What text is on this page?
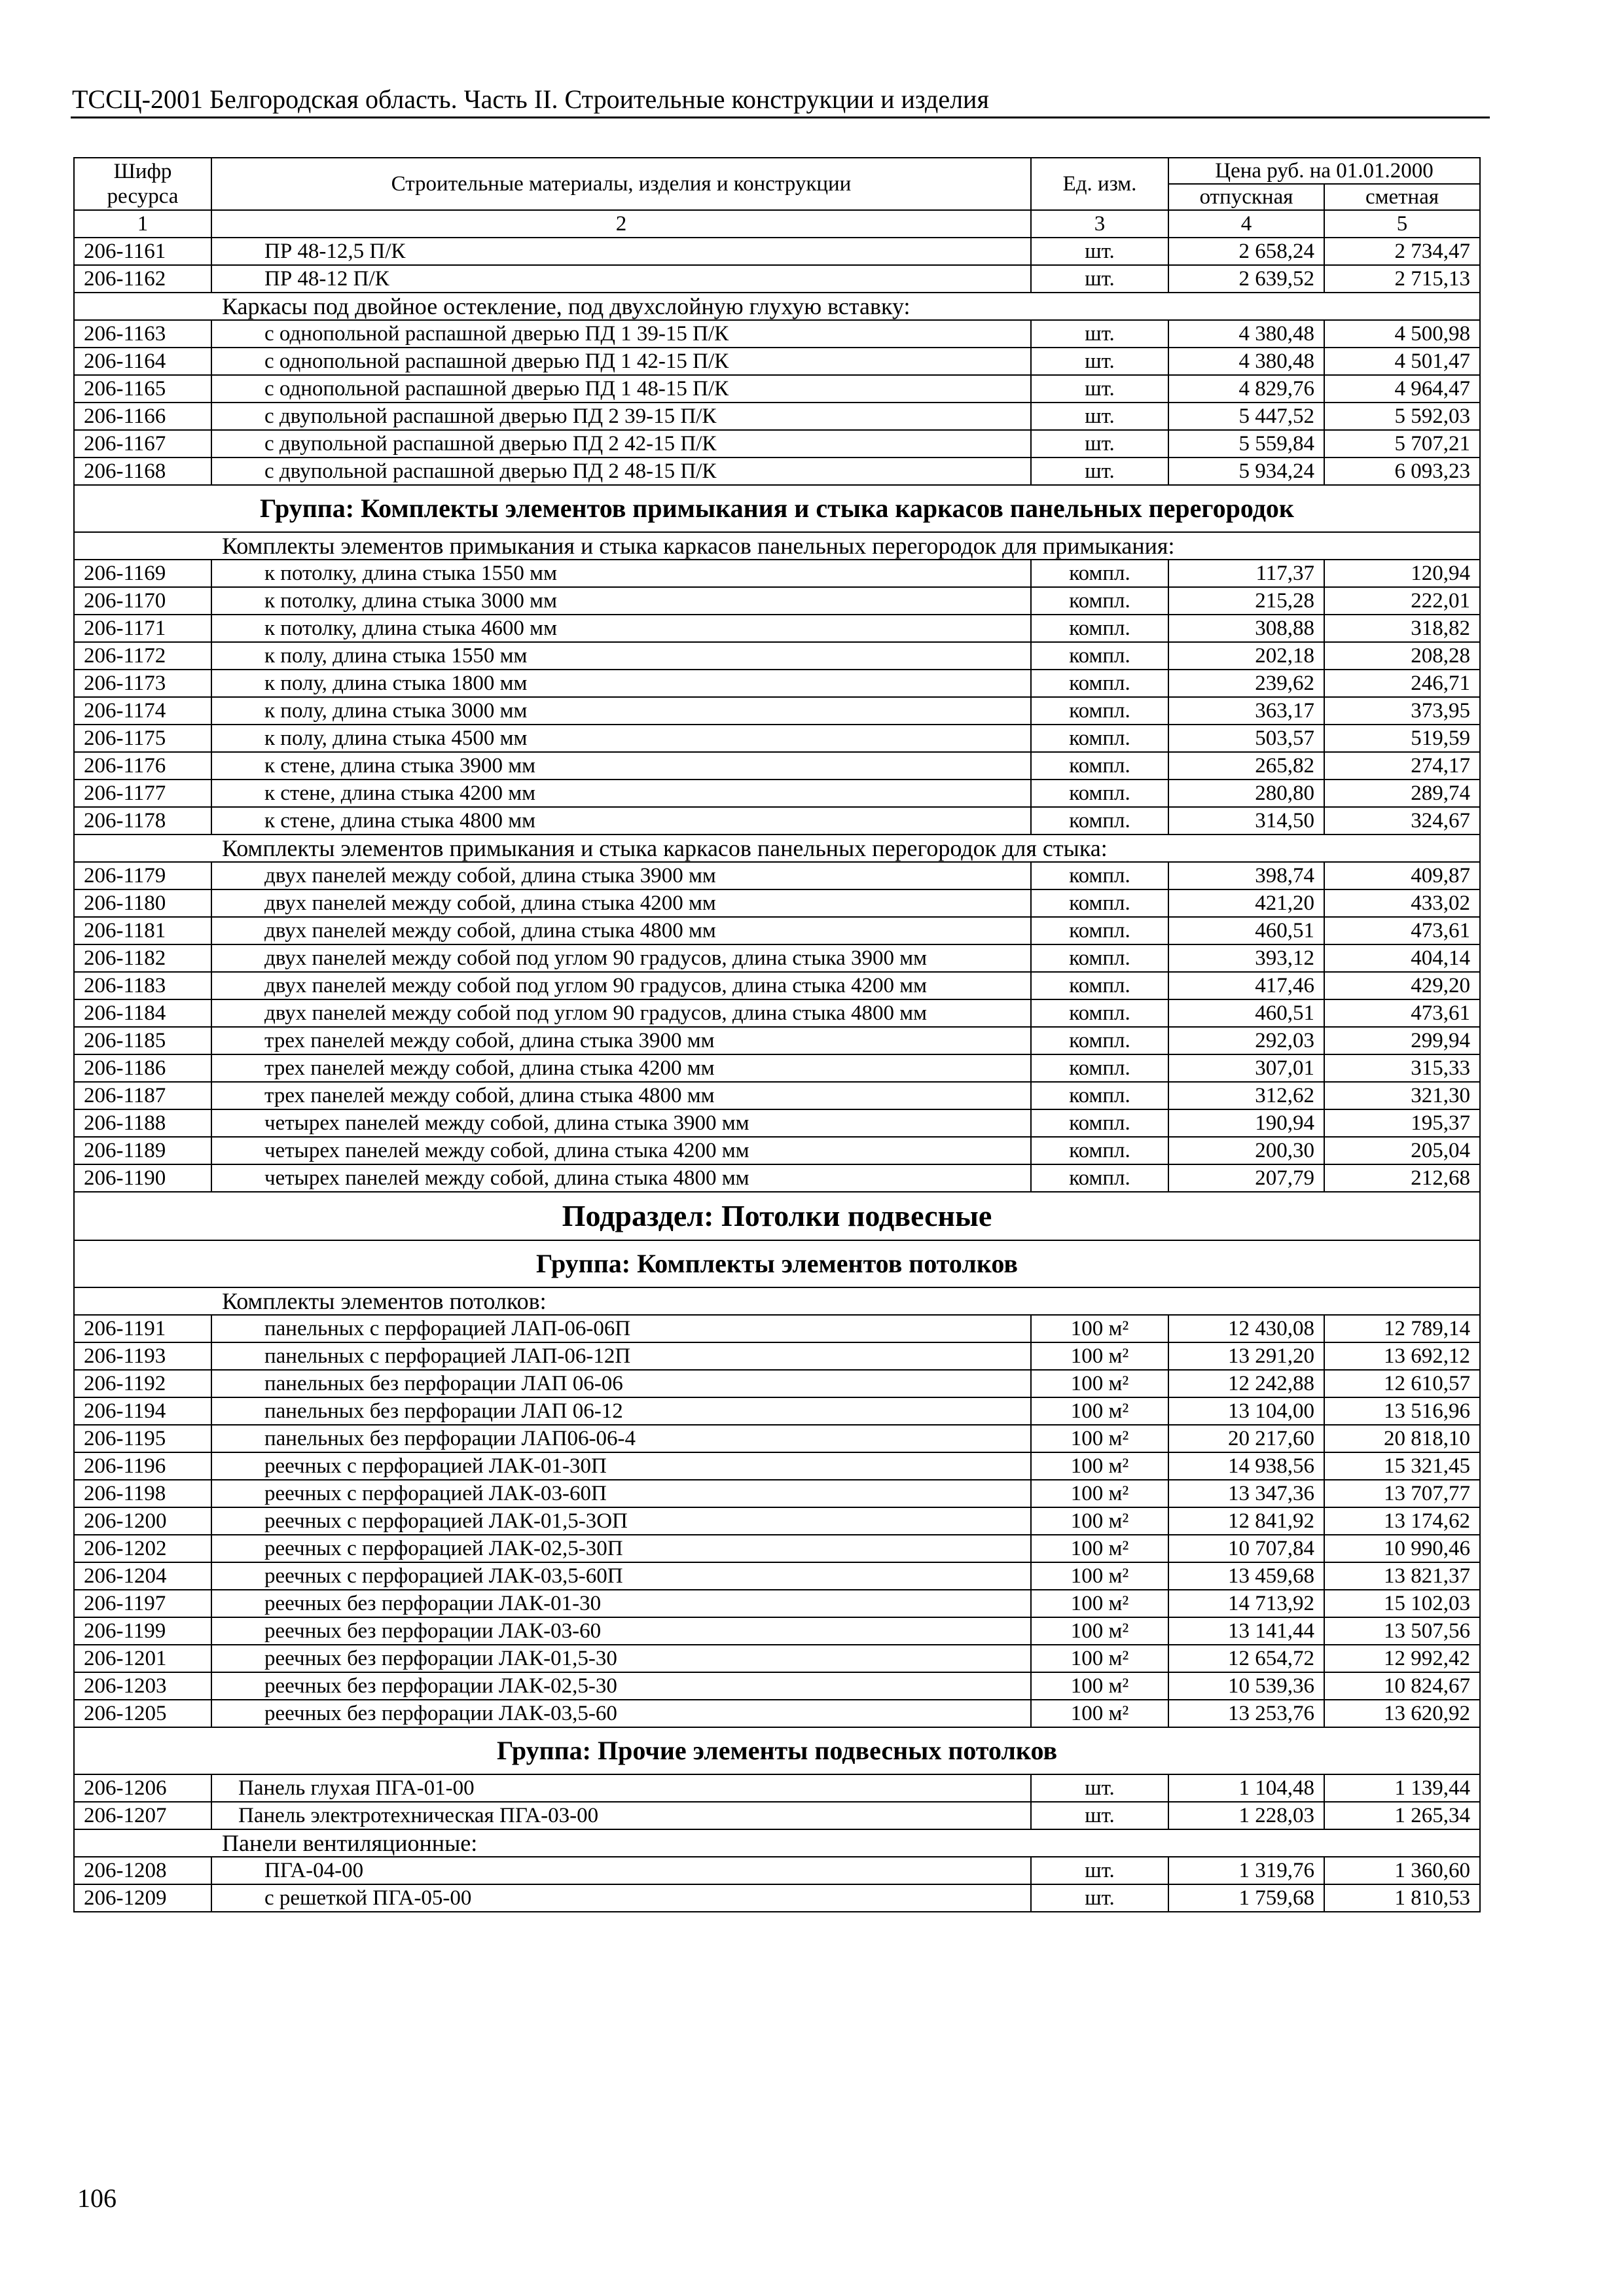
ТССЦ-2001 Белгородская область. Часть II. Строительные конструкции и изделия
Шифр ресурса	Строительные материалы, изделия и конструкции	Ед. изм.	Цена руб. на 01.01.2000	
			отпускная	сметная
1	2	3	4	5
206-1161	ПР 48-12,5 П/К	шт.	2 658,24	2 734,47
206-1162	ПР 48-12 П/К	шт.	2 639,52	2 715,13
Каркасы под двойное остекление, под двухслойную глухую вставку:				
206-1163	с однопольной распашной дверью ПД 1 39-15 П/К	шт.	4 380,48	4 500,98
206-1164	с однопольной распашной дверью ПД 1 42-15 П/К	шт.	4 380,48	4 501,47
206-1165	с однопольной распашной дверью ПД 1 48-15 П/К	шт.	4 829,76	4 964,47
206-1166	с двупольной распашной дверью ПД 2 39-15 П/К	шт.	5 447,52	5 592,03
206-1167	с двупольной распашной дверью ПД 2 42-15 П/К	шт.	5 559,84	5 707,21
206-1168	с двупольной распашной дверью ПД 2 48-15 П/К	шт.	5 934,24	6 093,23
Группа: Комплекты элементов примыкания и стыка каркасов панельных перегородок				
Комплекты элементов примыкания и стыка каркасов панельных перегородок для примыкания:				
206-1169	к потолку, длина стыка 1550 мм	компл.	117,37	120,94
206-1170	к потолку, длина стыка 3000 мм	компл.	215,28	222,01
206-1171	к потолку, длина стыка 4600 мм	компл.	308,88	318,82
206-1172	к полу, длина стыка 1550 мм	компл.	202,18	208,28
206-1173	к полу, длина стыка 1800 мм	компл.	239,62	246,71
206-1174	к полу, длина стыка 3000 мм	компл.	363,17	373,95
206-1175	к полу, длина стыка 4500 мм	компл.	503,57	519,59
206-1176	к стене, длина стыка 3900 мм	компл.	265,82	274,17
206-1177	к стене, длина стыка 4200 мм	компл.	280,80	289,74
206-1178	к стене, длина стыка 4800 мм	компл.	314,50	324,67
Комплекты элементов примыкания и стыка каркасов панельных перегородок для стыка:				
206-1179	двух панелей между собой, длина стыка 3900 мм	компл.	398,74	409,87
206-1180	двух панелей между собой, длина стыка 4200 мм	компл.	421,20	433,02
206-1181	двух панелей между собой, длина стыка 4800 мм	компл.	460,51	473,61
206-1182	двух панелей между собой под углом 90 градусов, длина стыка 3900 мм	компл.	393,12	404,14
206-1183	двух панелей между собой под углом 90 градусов, длина стыка 4200 мм	компл.	417,46	429,20
206-1184	двух панелей между собой под углом 90 градусов, длина стыка 4800 мм	компл.	460,51	473,61
206-1185	трех панелей между собой, длина стыка 3900 мм	компл.	292,03	299,94
206-1186	трех панелей между собой, длина стыка 4200 мм	компл.	307,01	315,33
206-1187	трех панелей между собой, длина стыка 4800 мм	компл.	312,62	321,30
206-1188	четырех панелей между собой, длина стыка 3900 мм	компл.	190,94	195,37
206-1189	четырех панелей между собой, длина стыка 4200 мм	компл.	200,30	205,04
206-1190	четырех панелей между собой, длина стыка 4800 мм	компл.	207,79	212,68
Подраздел: Потолки подвесные				
Группа: Комплекты элементов потолков				
Комплекты элементов потолков:				
206-1191	панельных с перфорацией ЛАП-06-06П	100 м²	12 430,08	12 789,14
206-1193	панельных с перфорацией ЛАП-06-12П	100 м²	13 291,20	13 692,12
206-1192	панельных без перфорации ЛАП 06-06	100 м²	12 242,88	12 610,57
206-1194	панельных без перфорации ЛАП 06-12	100 м²	13 104,00	13 516,96
206-1195	панельных без перфорации ЛАП06-06-4	100 м²	20 217,60	20 818,10
206-1196	реечных с перфорацией ЛАК-01-30П	100 м²	14 938,56	15 321,45
206-1198	реечных с перфорацией ЛАК-03-60П	100 м²	13 347,36	13 707,77
206-1200	реечных с перфорацией ЛАК-01,5-3ОП	100 м²	12 841,92	13 174,62
206-1202	реечных с перфорацией ЛАК-02,5-30П	100 м²	10 707,84	10 990,46
206-1204	реечных с перфорацией ЛАК-03,5-60П	100 м²	13 459,68	13 821,37
206-1197	реечных без перфорации ЛАК-01-30	100 м²	14 713,92	15 102,03
206-1199	реечных без перфорации ЛАК-03-60	100 м²	13 141,44	13 507,56
206-1201	реечных без перфорации ЛАК-01,5-30	100 м²	12 654,72	12 992,42
206-1203	реечных без перфорации ЛАК-02,5-30	100 м²	10 539,36	10 824,67
206-1205	реечных без перфорации ЛАК-03,5-60	100 м²	13 253,76	13 620,92
Группа: Прочие элементы подвесных потолков				
206-1206	Панель глухая ПГА-01-00	шт.	1 104,48	1 139,44
206-1207	Панель электротехническая ПГА-03-00	шт.	1 228,03	1 265,34
Панели вентиляционные:				
206-1208	ПГА-04-00	шт.	1 319,76	1 360,60
206-1209	с решеткой ПГА-05-00	шт.	1 759,68	1 810,53
106
